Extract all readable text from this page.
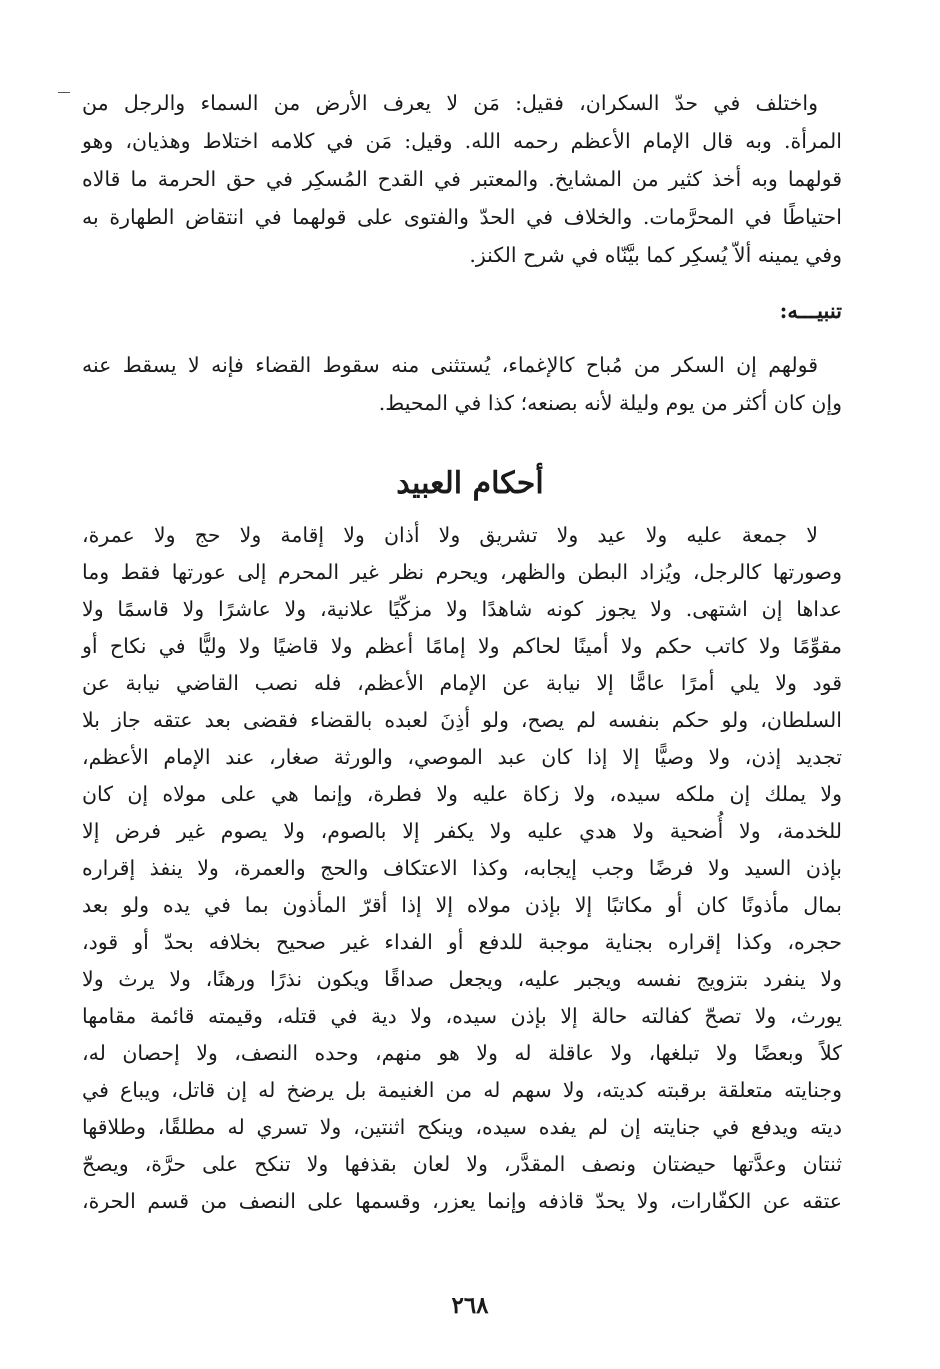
واختلف في حدّ السكران، فقيل: مَن لا يعرف الأرض من السماء والرجل من
المرأة. وبه قال الإمام الأعظم رحمه الله. وقيل: مَن في كلامه اختلاط وهذيان، وهو
قولهما وبه أخذ كثير من المشايخ. والمعتبر في القدح المُسكِر في حق الحرمة ما قالاه
احتياطًا في المحرَّمات. والخلاف في الحدّ والفتوى على قولهما في انتقاض الطهارة به
وفي يمينه ألاّ يُسكِر كما بيَّنّاه في شرح الكنز.
تنبيـــه:
قولهم إن السكر من مُباح كالإغماء، يُستثنى منه سقوط القضاء فإنه لا يسقط عنه
وإن كان أكثر من يوم وليلة لأنه بصنعه؛ كذا في المحيط.
أحكام العبيد
لا جمعة عليه ولا عيد ولا تشريق ولا أذان ولا إقامة ولا حج ولا عمرة،
وصورتها كالرجل، ويُزاد البطن والظهر، ويحرم نظر غير المحرم إلى عورتها فقط وما
عداها إن اشتهى. ولا يجوز كونه شاهدًا ولا مزكّيًا علانية، ولا عاشرًا ولا قاسمًا ولا
مقوِّمًا ولا كاتب حكم ولا أمينًا لحاكم ولا إمامًا أعظم ولا قاضيًا ولا وليًّا في نكاح أو
قود ولا يلي أمرًا عامًّا إلا نيابة عن الإمام الأعظم، فله نصب القاضي نيابة عن
السلطان، ولو حكم بنفسه لم يصح، ولو أذِنَ لعبده بالقضاء فقضى بعد عتقه جاز بلا
تجديد إذن، ولا وصيًّا إلا إذا كان عبد الموصي، والورثة صغار، عند الإمام الأعظم،
ولا يملك إن ملكه سيده، ولا زكاة عليه ولا فطرة، وإنما هي على مولاه إن كان
للخدمة، ولا أُضحية ولا هدي عليه ولا يكفر إلا بالصوم، ولا يصوم غير فرض إلا
بإذن السيد ولا فرضًا وجب إيجابه، وكذا الاعتكاف والحج والعمرة، ولا ينفذ إقراره
بمال مأذونًا كان أو مكاتبًا إلا بإذن مولاه إلا إذا أقرّ المأذون بما في يده ولو بعد
حجره، وكذا إقراره بجناية موجبة للدفع أو الفداء غير صحيح بخلافه بحدّ أو قود،
ولا ينفرد بتزويج نفسه ويجبر عليه، ويجعل صداقًا ويكون نذرًا ورهنًا، ولا يرث ولا
يورث، ولا تصحّ كفالته حالة إلا بإذن سيده، ولا دية في قتله، وقيمته قائمة مقامها
كلاً وبعضًا ولا تبلغها، ولا عاقلة له ولا هو منهم، وحده النصف، ولا إحصان له،
وجنايته متعلقة برقبته كديته، ولا سهم له من الغنيمة بل يرضخ له إن قاتل، ويباع في
ديته ويدفع في جنايته إن لم يفده سيده، وينكح اثنتين، ولا تسري له مطلقًا، وطلاقها
ثنتان وعدَّتها حيضتان ونصف المقدَّر، ولا لعان بقذفها ولا تنكح على حرَّة، ويصحّ
عتقه عن الكفّارات، ولا يحدّ قاذفه وإنما يعزر، وقسمها على النصف من قسم الحرة،
٢٦٨
